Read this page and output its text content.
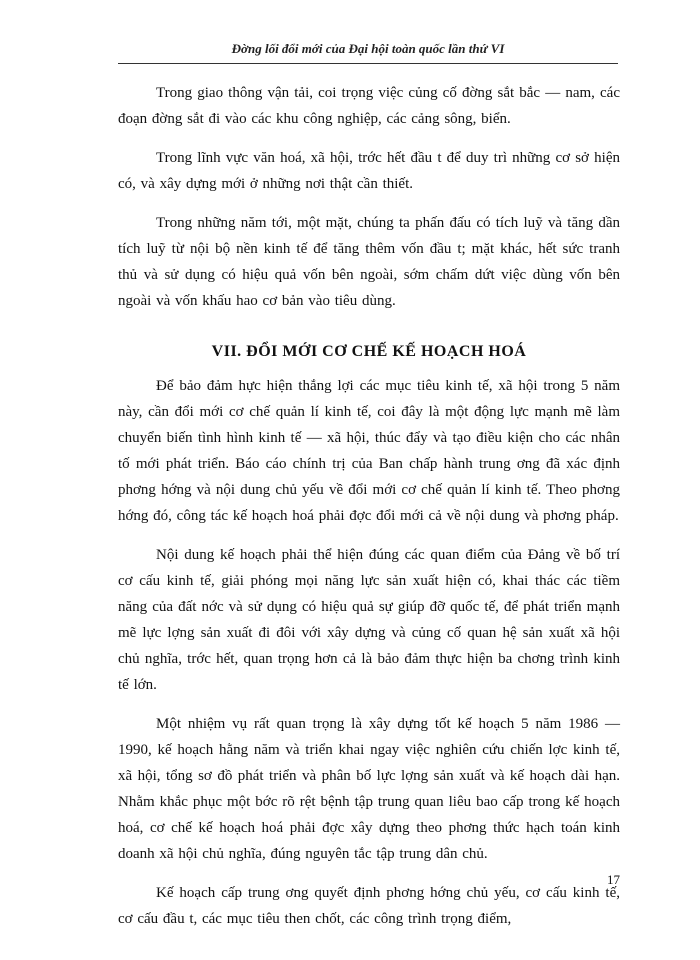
Đờng lối đổi mới của Đại hội toàn quốc lần thứ VI

Trong giao thông vận tải, coi trọng việc củng cố đờng sắt bắc — nam, các đoạn đờng sắt đi vào các khu công nghiệp, các cảng sông, biển.

Trong lĩnh vực văn hoá, xã hội, trớc hết đầu t để duy trì những cơ sở hiện có, và xây dựng mới ở những nơi thật cần thiết.

Trong những năm tới, một mặt, chúng ta phấn đấu có tích luỹ và tăng dần tích luỹ từ nội bộ nền kinh tế để tăng thêm vốn đầu t; mặt khác, hết sức tranh thủ và sử dụng có hiệu quả vốn bên ngoài, sớm chấm dứt việc dùng vốn bên ngoài và vốn khấu hao cơ bản vào tiêu dùng.

VII. ĐỔI MỚI CƠ CHẾ KẾ HOẠCH HOÁ

Để bảo đảm hực hiện thắng lợi các mục tiêu kinh tế, xã hội trong 5 năm này, cần đổi mới cơ chế quản lí kinh tế, coi đây là một động lực mạnh mẽ làm chuyển biến tình hình kinh tế — xã hội, thúc đẩy và tạo điều kiện cho các nhân tố mới phát triển. Báo cáo chính trị của Ban chấp hành trung ơng đã xác định phơng hớng và nội dung chủ yếu về đổi mới cơ chế quản lí kinh tế. Theo phơng hớng đó, công tác kế hoạch hoá phải đợc đổi mới cả về nội dung và phơng pháp.

Nội dung kế hoạch phải thể hiện đúng các quan điểm của Đảng về bố trí cơ cấu kinh tế, giải phóng mọi năng lực sản xuất hiện có, khai thác các tiềm năng của đất nớc và sử dụng có hiệu quả sự giúp đỡ quốc tế, để phát triển mạnh mẽ lực lợng sản xuất đi đôi với xây dựng và củng cố quan hệ sản xuất xã hội chủ nghĩa, trớc hết, quan trọng hơn cả là bảo đảm thực hiện ba chơng trình kinh tế lớn.

Một nhiệm vụ rất quan trọng là xây dựng tốt kế hoạch 5 năm 1986 — 1990, kế hoạch hằng năm và triển khai ngay việc nghiên cứu chiến lợc kinh tế, xã hội, tổng sơ đồ phát triển và phân bố lực lợng sản xuất và kế hoạch dài hạn. Nhằm khắc phục một bớc rõ rệt bệnh tập trung quan liêu bao cấp trong kế hoạch hoá, cơ chế kế hoạch hoá phải đợc xây dựng theo phơng thức hạch toán kinh doanh xã hội chủ nghĩa, đúng nguyên tắc tập trung dân chủ.

Kế hoạch cấp trung ơng quyết định phơng hớng chủ yếu, cơ cấu kinh tế, cơ cấu đầu t, các mục tiêu then chốt, các công trình trọng điểm,

17
